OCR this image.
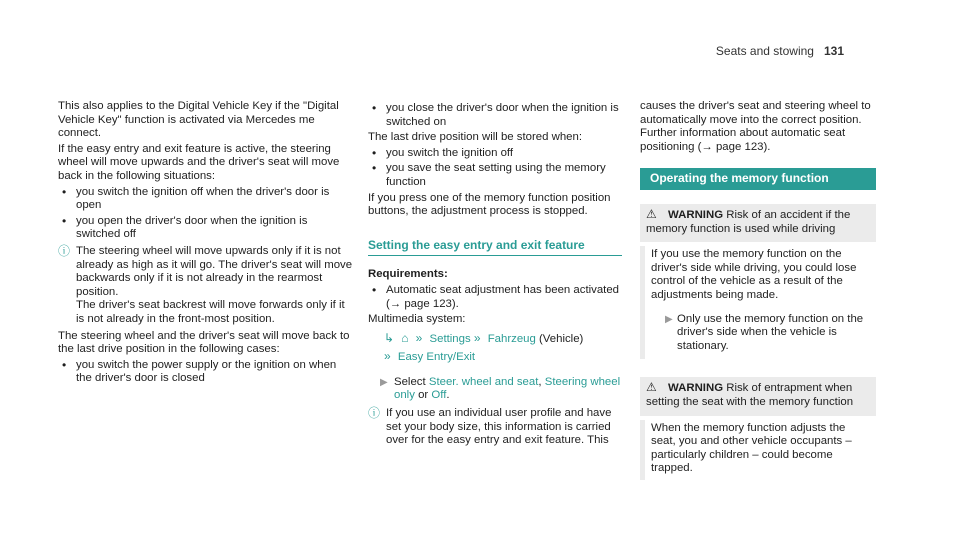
Seats and stowing 131

This also applies to the Digital Vehicle Key if the "Digital Vehicle Key" function is activated via Mercedes me connect.

If the easy entry and exit feature is active, the steering wheel will move upwards and the driver's seat will move back in the following situations:

• you switch the ignition off when the driver's door is open
• you open the driver's door when the ignition is switched off
ⓘ The steering wheel will move upwards only if it is not already as high as it will go. The driver's seat will move backwards only if it is not already in the rearmost position.
The driver's seat backrest will move forwards only if it is not already in the front-most position.

The steering wheel and the driver's seat will move back to the last drive position in the following cases:

• you switch the power supply or the ignition on when the driver's door is closed
• you close the driver's door when the ignition is switched on

The last drive position will be stored when:

• you switch the ignition off
• you save the seat setting using the memory function

If you press one of the memory function position buttons, the adjustment process is stopped.

Setting the easy entry and exit feature
Requirements:
• Automatic seat adjustment has been activated (→ page 123).

Multimedia system:

↳ ⌂ » Settings » Fahrzeug (Vehicle)
» Easy Entry/Exit
▶ Select Steer. wheel and seat, Steering wheel only or Off.
ⓘ If you use an individual user profile and have set your body size, this information is carried over for the easy entry and exit feature. This

causes the driver's seat and steering wheel to automatically move into the correct position. Further information about automatic seat positioning (→ page 123).

Operating the memory function
⚠ WARNING Risk of an accident if the memory function is used while driving
If you use the memory function on the driver's side while driving, you could lose control of the vehicle as a result of the adjustments being made.
▶ Only use the memory function on the driver's side when the vehicle is stationary.
⚠ WARNING Risk of entrapment when setting the seat with the memory function
When the memory function adjusts the seat, you and other vehicle occupants – particularly children – could become trapped.
